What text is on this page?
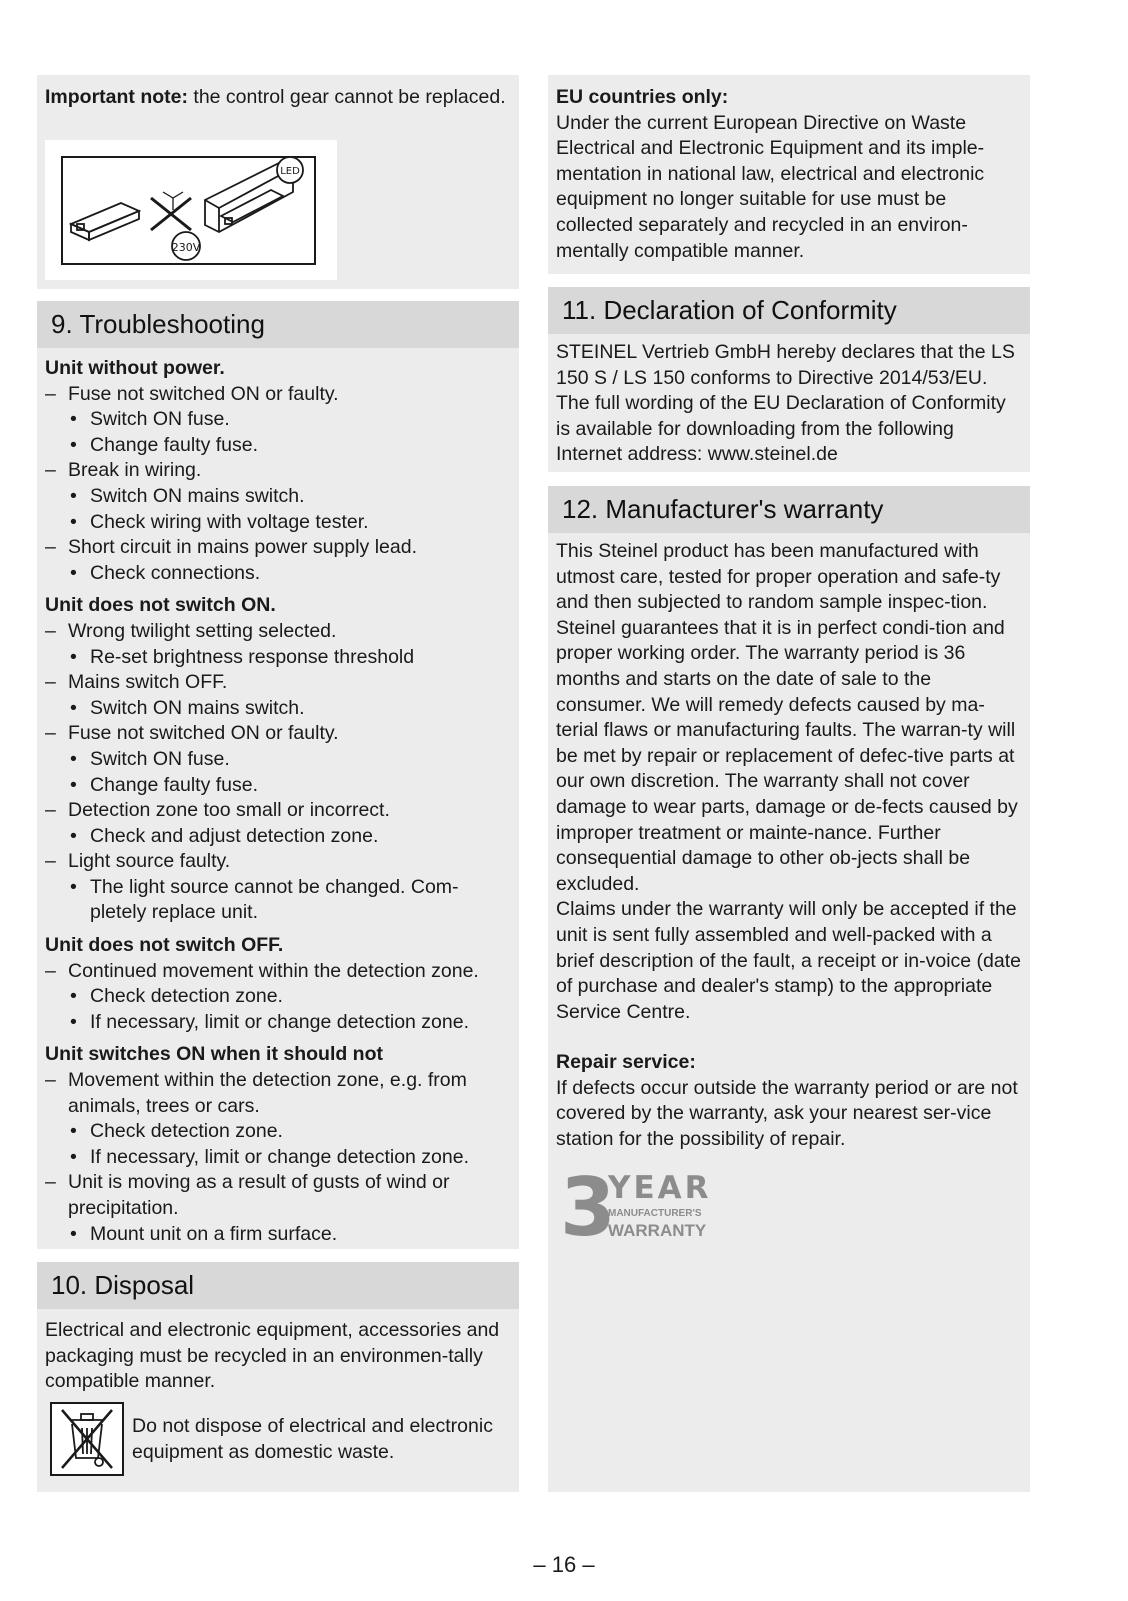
Important note: the control gear cannot be replaced.

230V
LED
9. Troubleshooting
Unit without power.
– Fuse not switched ON or faulty.
• Switch ON fuse.
• Change faulty fuse.
– Break in wiring.
• Switch ON mains switch.
• Check wiring with voltage tester.
– Short circuit in mains power supply lead.
• Check connections.
Unit does not switch ON.
– Wrong twilight setting selected.
• Re-set brightness response threshold
– Mains switch OFF.
• Switch ON mains switch.
– Fuse not switched ON or faulty.
• Switch ON fuse.
• Change faulty fuse.
– Detection zone too small or incorrect.
• Check and adjust detection zone.
– Light source faulty.
• The light source cannot be changed. Com-pletely replace unit.
Unit does not switch OFF.
– Continued movement within the detection zone.
• Check detection zone.
• If necessary, limit or change detection zone.
Unit switches ON when it should not
– Movement within the detection zone, e.g. from animals, trees or cars.
• Check detection zone.
• If necessary, limit or change detection zone.
– Unit is moving as a result of gusts of wind or precipitation.
• Mount unit on a firm surface.
10. Disposal

Electrical and electronic equipment, accessories and packaging must be recycled in an environmen-tally compatible manner.

Do not dispose of electrical and electronic equipment as domestic waste.

EU countries only:

Under the current European Directive on Waste Electrical and Electronic Equipment and its imple-mentation in national law, electrical and electronic equipment no longer suitable for use must be collected separately and recycled in an environ-mentally compatible manner.

11. Declaration of Conformity

STEINEL Vertrieb GmbH hereby declares that the LS 150 S / LS 150 conforms to Directive 2014/53/EU. The full wording of the EU Declaration of Conformity is available for downloading from the following Internet address: www.steinel.de

12. Manufacturer's warranty

This Steinel product has been manufactured with utmost care, tested for proper operation and safe-ty and then subjected to random sample inspec-tion. Steinel guarantees that it is in perfect condi-tion and proper working order. The warranty period is 36 months and starts on the date of sale to the consumer. We will remedy defects caused by ma-terial flaws or manufacturing faults. The warran-ty will be met by repair or replacement of defec-tive parts at our own discretion. The warranty shall not cover damage to wear parts, damage or de-fects caused by improper treatment or mainte-nance. Further consequential damage to other ob-jects shall be excluded.

Claims under the warranty will only be accepted if the unit is sent fully assembled and well-packed with a brief description of the fault, a receipt or in-voice (date of purchase and dealer's stamp) to the appropriate Service Centre.

Repair service:

If defects occur outside the warranty period or are not covered by the warranty, ask your nearest ser-vice station for the possibility of repair.

3
YEAR
MANUFACTURER'S
WARRANTY
– 16 –
